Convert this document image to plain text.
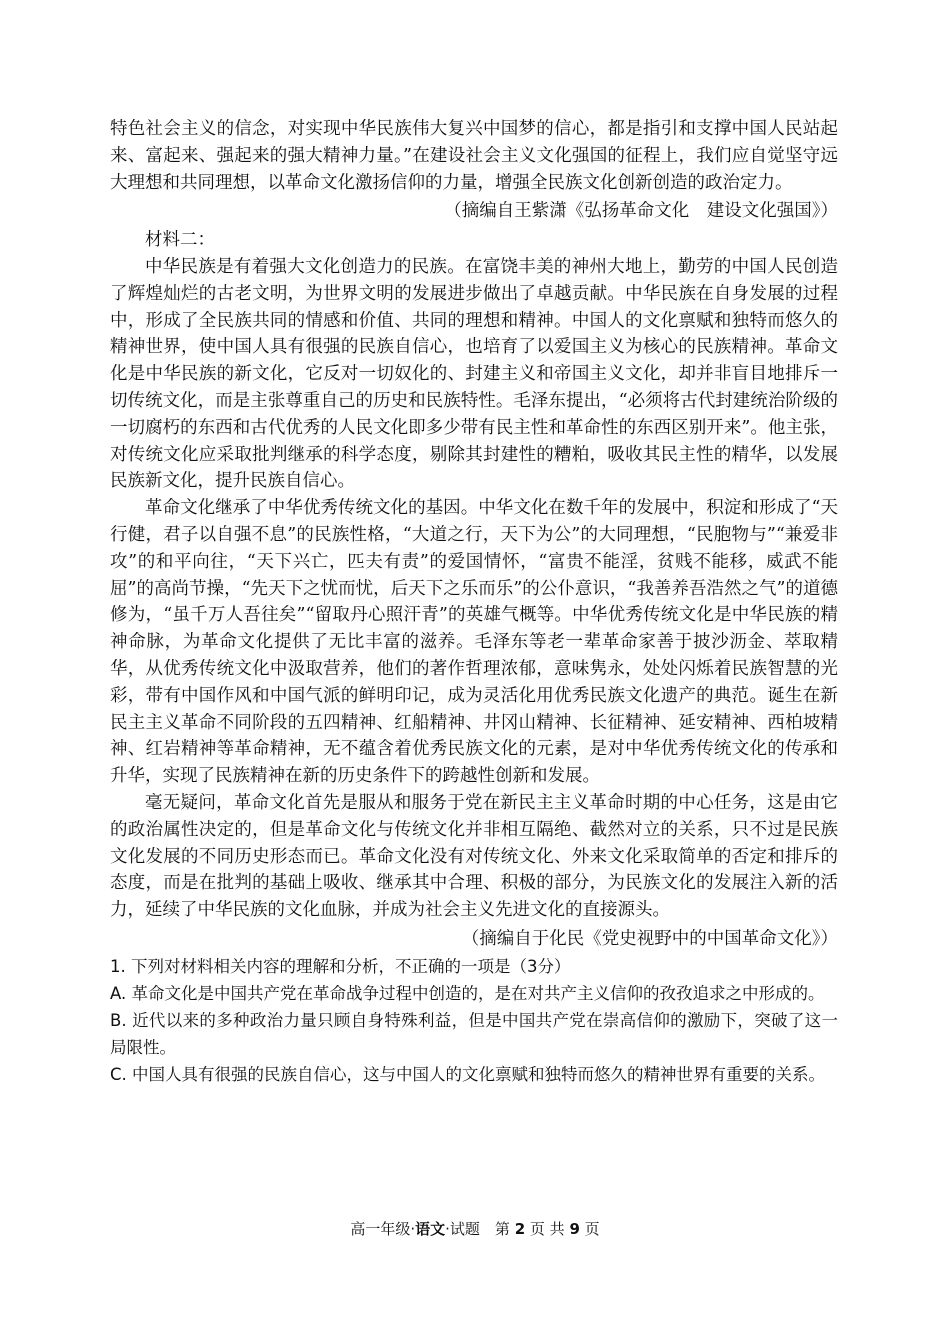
特色社会主义的信念，对实现中华民族伟大复兴中国梦的信心，都是指引和支撑中国人民站起来、富起来、强起来的强大精神力量。”在建设社会主义文化强国的征程上，我们应自觉坚守远大理想和共同理想，以革命文化激扬信仰的力量，增强全民族文化创新创造的政治定力。

（摘编自王紫潇《弘扬革命文化　建设文化强国》）

材料二：

中华民族是有着强大文化创造力的民族。在富饶丰美的神州大地上，勤劳的中国人民创造了辉煌灿烂的古老文明，为世界文明的发展进步做出了卓越贡献。中华民族在自身发展的过程中，形成了全民族共同的情感和价值、共同的理想和精神。中国人的文化禀赋和独特而悠久的精神世界，使中国人具有很强的民族自信心，也培育了以爱国主义为核心的民族精神。革命文化是中华民族的新文化，它反对一切奴化的、封建主义和帝国主义文化，却并非盲目地排斥一切传统文化，而是主张尊重自己的历史和民族特性。毛泽东提出，“必须将古代封建统治阶级的一切腐朽的东西和古代优秀的人民文化即多少带有民主性和革命性的东西区别开来”。他主张，对传统文化应采取批判继承的科学态度，剔除其封建性的糟粕，吸收其民主性的精华，以发展民族新文化，提升民族自信心。

革命文化继承了中华优秀传统文化的基因。中华文化在数千年的发展中，积淀和形成了“天行健，君子以自强不息”的民族性格，“大道之行，天下为公”的大同理想，“民胞物与”“兼爱非攻”的和平向往，“天下兴亡，匹夫有责”的爱国情怀，“富贵不能淫，贫贱不能移，威武不能屈”的高尚节操，“先天下之忧而忧，后天下之乐而乐”的公仆意识，“我善养吾浩然之气”的道德修为，“虽千万人吾往矣”“留取丹心照汗青”的英雄气概等。中华优秀传统文化是中华民族的精神命脉，为革命文化提供了无比丰富的滋养。毛泽东等老一辈革命家善于披沙沥金、萃取精华，从优秀传统文化中汲取营养，他们的著作哲理浓郁，意味隽永，处处闪烁着民族智慧的光彩，带有中国作风和中国气派的鲜明印记，成为灵活化用优秀民族文化遗产的典范。诞生在新民主主义革命不同阶段的五四精神、红船精神、井冈山精神、长征精神、延安精神、西柏坡精神、红岩精神等革命精神，无不蕴含着优秀民族文化的元素，是对中华优秀传统文化的传承和升华，实现了民族精神在新的历史条件下的跨越性创新和发展。

毫无疑问，革命文化首先是服从和服务于党在新民主主义革命时期的中心任务，这是由它的政治属性决定的，但是革命文化与传统文化并非相互隔绝、截然对立的关系，只不过是民族文化发展的不同历史形态而已。革命文化没有对传统文化、外来文化采取简单的否定和排斥的态度，而是在批判的基础上吸收、继承其中合理、积极的部分，为民族文化的发展注入新的活力，延续了中华民族的文化血脉，并成为社会主义先进文化的直接源头。

（摘编自于化民《党史视野中的中国革命文化》）

1. 下列对材料相关内容的理解和分析，不正确的一项是（3分）

A. 革命文化是中国共产党在革命战争过程中创造的，是在对共产主义信仰的孜孜追求之中形成的。

B. 近代以来的多种政治力量只顾自身特殊利益，但是中国共产党在崇高信仰的激励下，突破了这一局限性。

C. 中国人具有很强的民族自信心，这与中国人的文化禀赋和独特而悠久的精神世界有重要的关系。

高一年级·语文·试题　第 2 页 共 9 页
